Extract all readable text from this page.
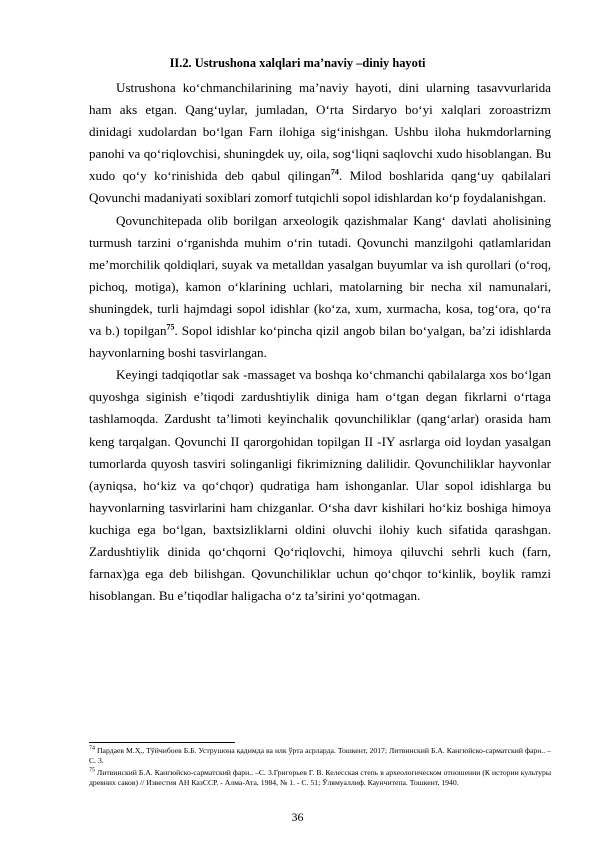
II.2. Ustrushona xalqlari ma’naviy –diniy hayoti

Ustrushona ko‘chmanchilarining ma’naviy hayoti, dini ularning tasavvurlarida ham aks etgan. Qang‘uylar, jumladan, O‘rta Sirdaryo bo‘yi xalqlari zoroastrizm dinidagi xudolardan bo‘lgan Farn ilohiga sig‘inishgan. Ushbu iloha hukmdorlarning panohi va qo‘riqlovchisi, shuningdek uy, oila, sog‘liqni saqlovchi xudo hisoblangan. Bu xudo qo‘y ko‘rinishida deb qabul qilingan$^{74}$. Milod boshlarida qang‘uy qabilalari Qovunchi madaniyati soxiblari zomorf tutqichli sopol idishlardan ko‘p foydalanishgan.

Qovunchitepada olib borilgan arxeologik qazishmalar Kang‘ davlati aholisining turmush tarzini o‘rganishda muhim o‘rin tutadi. Qovunchi manzilgohi qatlamlaridan me’morchilik qoldiqlari, suyak va metalldan yasalgan buyumlar va ish qurollari (o‘roq, pichoq, motiga), kamon o‘klarining uchlari, matolarning bir necha xil namunalari, shuningdek, turli hajmdagi sopol idishlar (ko‘za, xum, xurmacha, kosa, tog‘ora, qo‘ra va b.) topilgan$^{75}$. Sopol idishlar ko‘pincha qizil angob bilan bo‘yalgan, ba’zi idishlarda hayvonlarning boshi tasvirlangan.

Keyingi tadqiqotlar sak -massaget va boshqa ko‘chmanchi qabilalarga xos bo‘lgan quyoshga siginish e’tiqodi zardushtiylik diniga ham o‘tgan degan fikrlarni o‘rtaga tashlamoqda. Zardusht ta’limoti keyinchalik qovunchiliklar (qang‘arlar) orasida ham keng tarqalgan. Qovunchi II qarorgohidan topilgan II -IY asrlarga oid loydan yasalgan tumorlarda quyosh tasviri solinganligi fikrimizning dalilidir. Qovunchiliklar hayvonlar (ayniqsa, ho‘kiz va qo‘chqor) qudratiga ham ishonganlar. Ular sopol idishlarga bu hayvonlarning tasvirlarini ham chizganlar. O‘sha davr kishilari ho‘kiz boshiga himoya kuchiga ega bo‘lgan, baxtsizliklarni oldini oluvchi ilohiy kuch sifatida qarashgan. Zardushtiylik dinida qo‘chqorni Qo‘riqlovchi, himoya qiluvchi sehrli kuch (farn, farnax)ga ega deb bilishgan. Qovunchiliklar uchun qo‘chqor to‘kinlik, boylik ramzi hisoblangan. Bu e’tiqodlar haligacha o‘z ta’sirini yo‘qotmagan.

$^{74}$ Пардаев М.Ҳ., Тўйчибоев Б.Б. Уструшона қадимда ва илк ўрта асрларда. Тошкент, 2017; Литвинский Б.А. Кангюйско-сарматский фарн.. –С. 3.
$^{75}$ Литвинский Б.А. Кангюйско-сарматский фарн.. –С. 3.Григорьев Г. В. Келесская степь в археологическом отношении (К истории культуры древних саков) // Известия АН КазССР. - Алма-Ата, 1984, № 1. - С. 51; Ўлямуаллиф. Каунчитепа. Тошкент, 1940.
36
